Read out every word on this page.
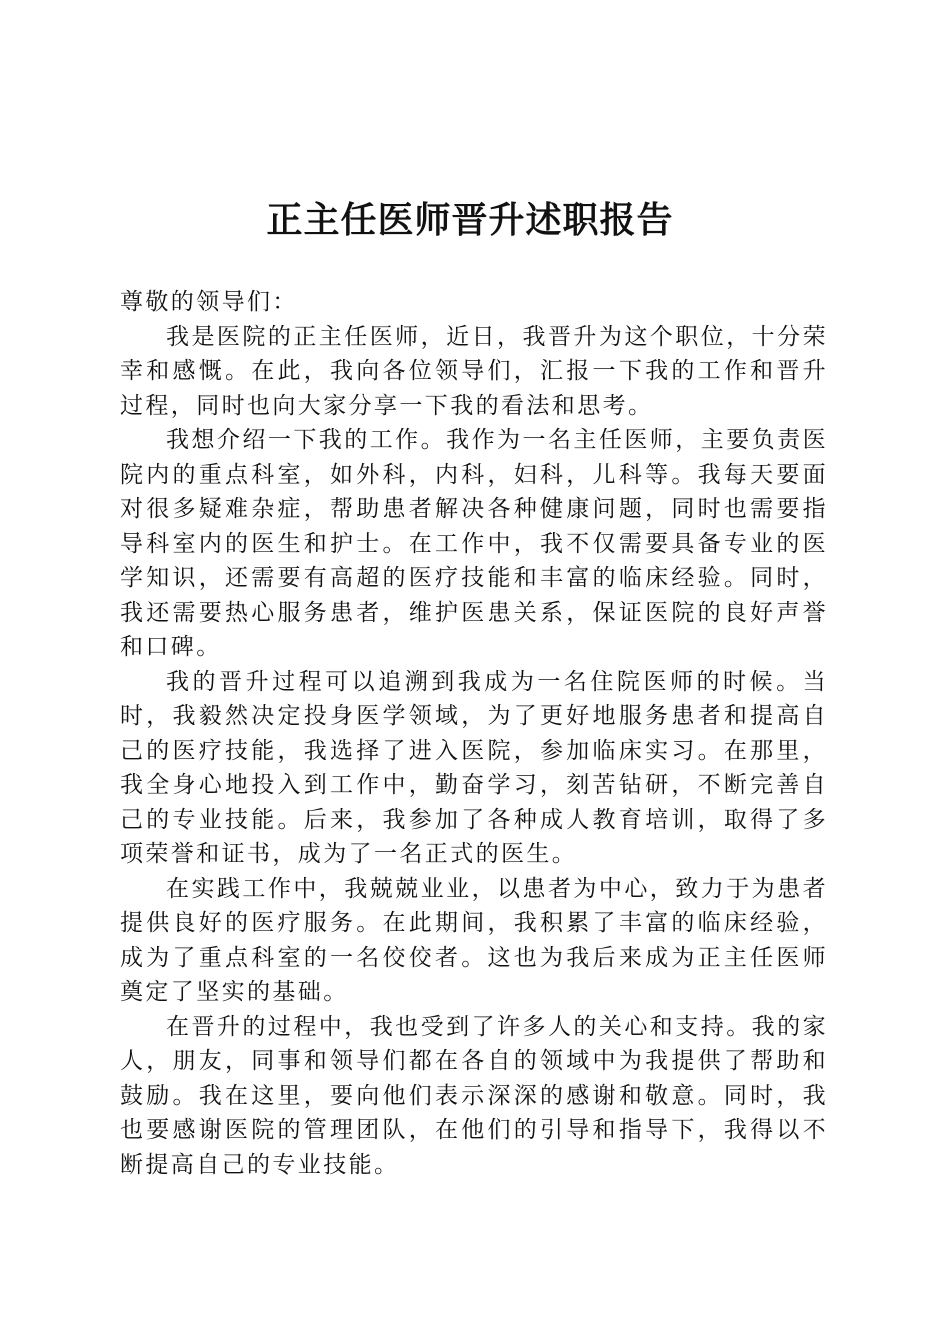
正主任医师晋升述职报告

尊敬的领导们：

我是医院的正主任医师，近日，我晋升为这个职位，十分荣幸和感慨。在此，我向各位领导们，汇报一下我的工作和晋升过程，同时也向大家分享一下我的看法和思考。

我想介绍一下我的工作。我作为一名主任医师，主要负责医院内的重点科室，如外科，内科，妇科，儿科等。我每天要面对很多疑难杂症，帮助患者解决各种健康问题，同时也需要指导科室内的医生和护士。在工作中，我不仅需要具备专业的医学知识，还需要有高超的医疗技能和丰富的临床经验。同时，我还需要热心服务患者，维护医患关系，保证医院的良好声誉和口碑。

我的晋升过程可以追溯到我成为一名住院医师的时候。当时，我毅然决定投身医学领域，为了更好地服务患者和提高自己的医疗技能，我选择了进入医院，参加临床实习。在那里，我全身心地投入到工作中，勤奋学习，刻苦钻研，不断完善自己的专业技能。后来，我参加了各种成人教育培训，取得了多项荣誉和证书，成为了一名正式的医生。

在实践工作中，我兢兢业业，以患者为中心，致力于为患者提供良好的医疗服务。在此期间，我积累了丰富的临床经验，成为了重点科室的一名佼佼者。这也为我后来成为正主任医师奠定了坚实的基础。

在晋升的过程中，我也受到了许多人的关心和支持。我的家人，朋友，同事和领导们都在各自的领域中为我提供了帮助和鼓励。我在这里，要向他们表示深深的感谢和敬意。同时，我也要感谢医院的管理团队，在他们的引导和指导下，我得以不断提高自己的专业技能。
